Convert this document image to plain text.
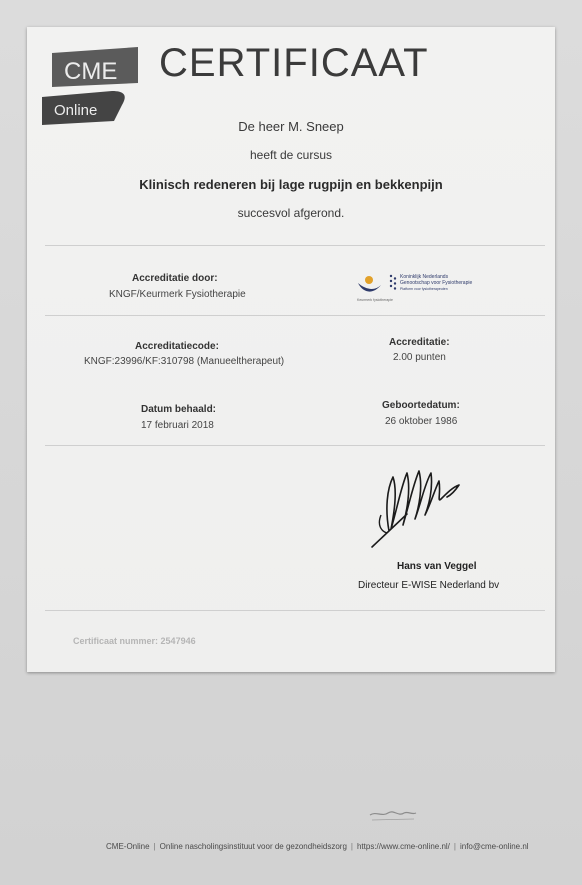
CME
Online
CERTIFICAAT
De heer M. Sneep
heeft de cursus
Klinisch redeneren bij lage rugpijn en bekkenpijn
succesvol afgerond.
Accreditatie door:
KNGF/Keurmerk Fysiotherapie	Keurmerk fysiotherapie
Koninklijk Nederlands
Genootschap voor Fysiotherapie
Platform voor fysiotherapeuten
Accreditatiecode:
KNGF:23996/KF:310798 (Manueeltherapeut)
Accreditatie:
2.00 punten
Datum behaald:
17 februari 2018
Geboortedatum:
26 oktober 1986
Hans van Veggel
Directeur E-WISE Nederland bv
Certificaat nummer: 2547946
CME-Online | Online nascholingsinstituut voor de gezondheidszorg | https://www.cme-online.nl/ | info@cme-online.nl
